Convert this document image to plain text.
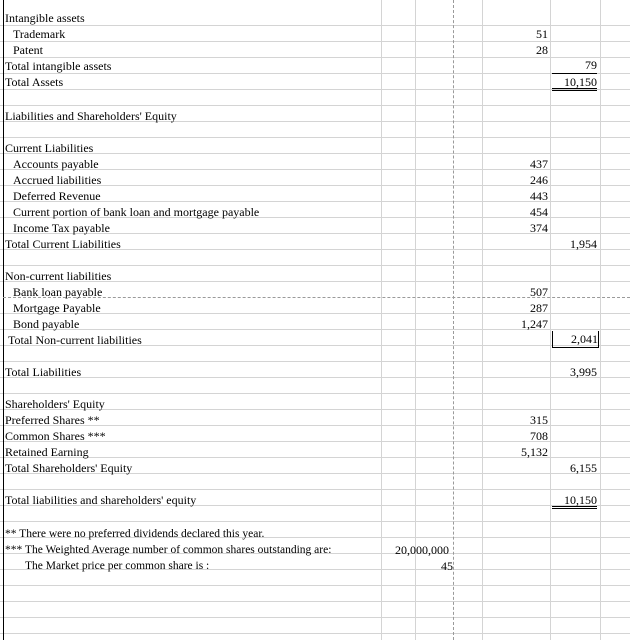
Intangible assets
Trademark	51
Patent	28
Total intangible assets	79
Total Assets	10,150
Liabilities and Shareholders' Equity
Current Liabilities
Accounts payable	437
Accrued liabilities	246
Deferred Revenue	443
Current portion of bank loan and mortgage payable	454
Income Tax payable	374
Total Current Liabilities	1,954
Non-current liabilities
Bank loan payable	507
Mortgage Payable	287
Bond payable	1,247
Total Non-current liabilities	2,041
Total Liabilities	3,995
Shareholders' Equity
Preferred Shares **	315
Common Shares ***	708
Retained Earning	5,132
Total Shareholders' Equity	6,155
Total liabilities and shareholders' equity	10,150
** There were no preferred dividends declared this year.
*** The Weighted Average number of common shares outstanding are:	20,000,000
The Market price per common share is :	45
